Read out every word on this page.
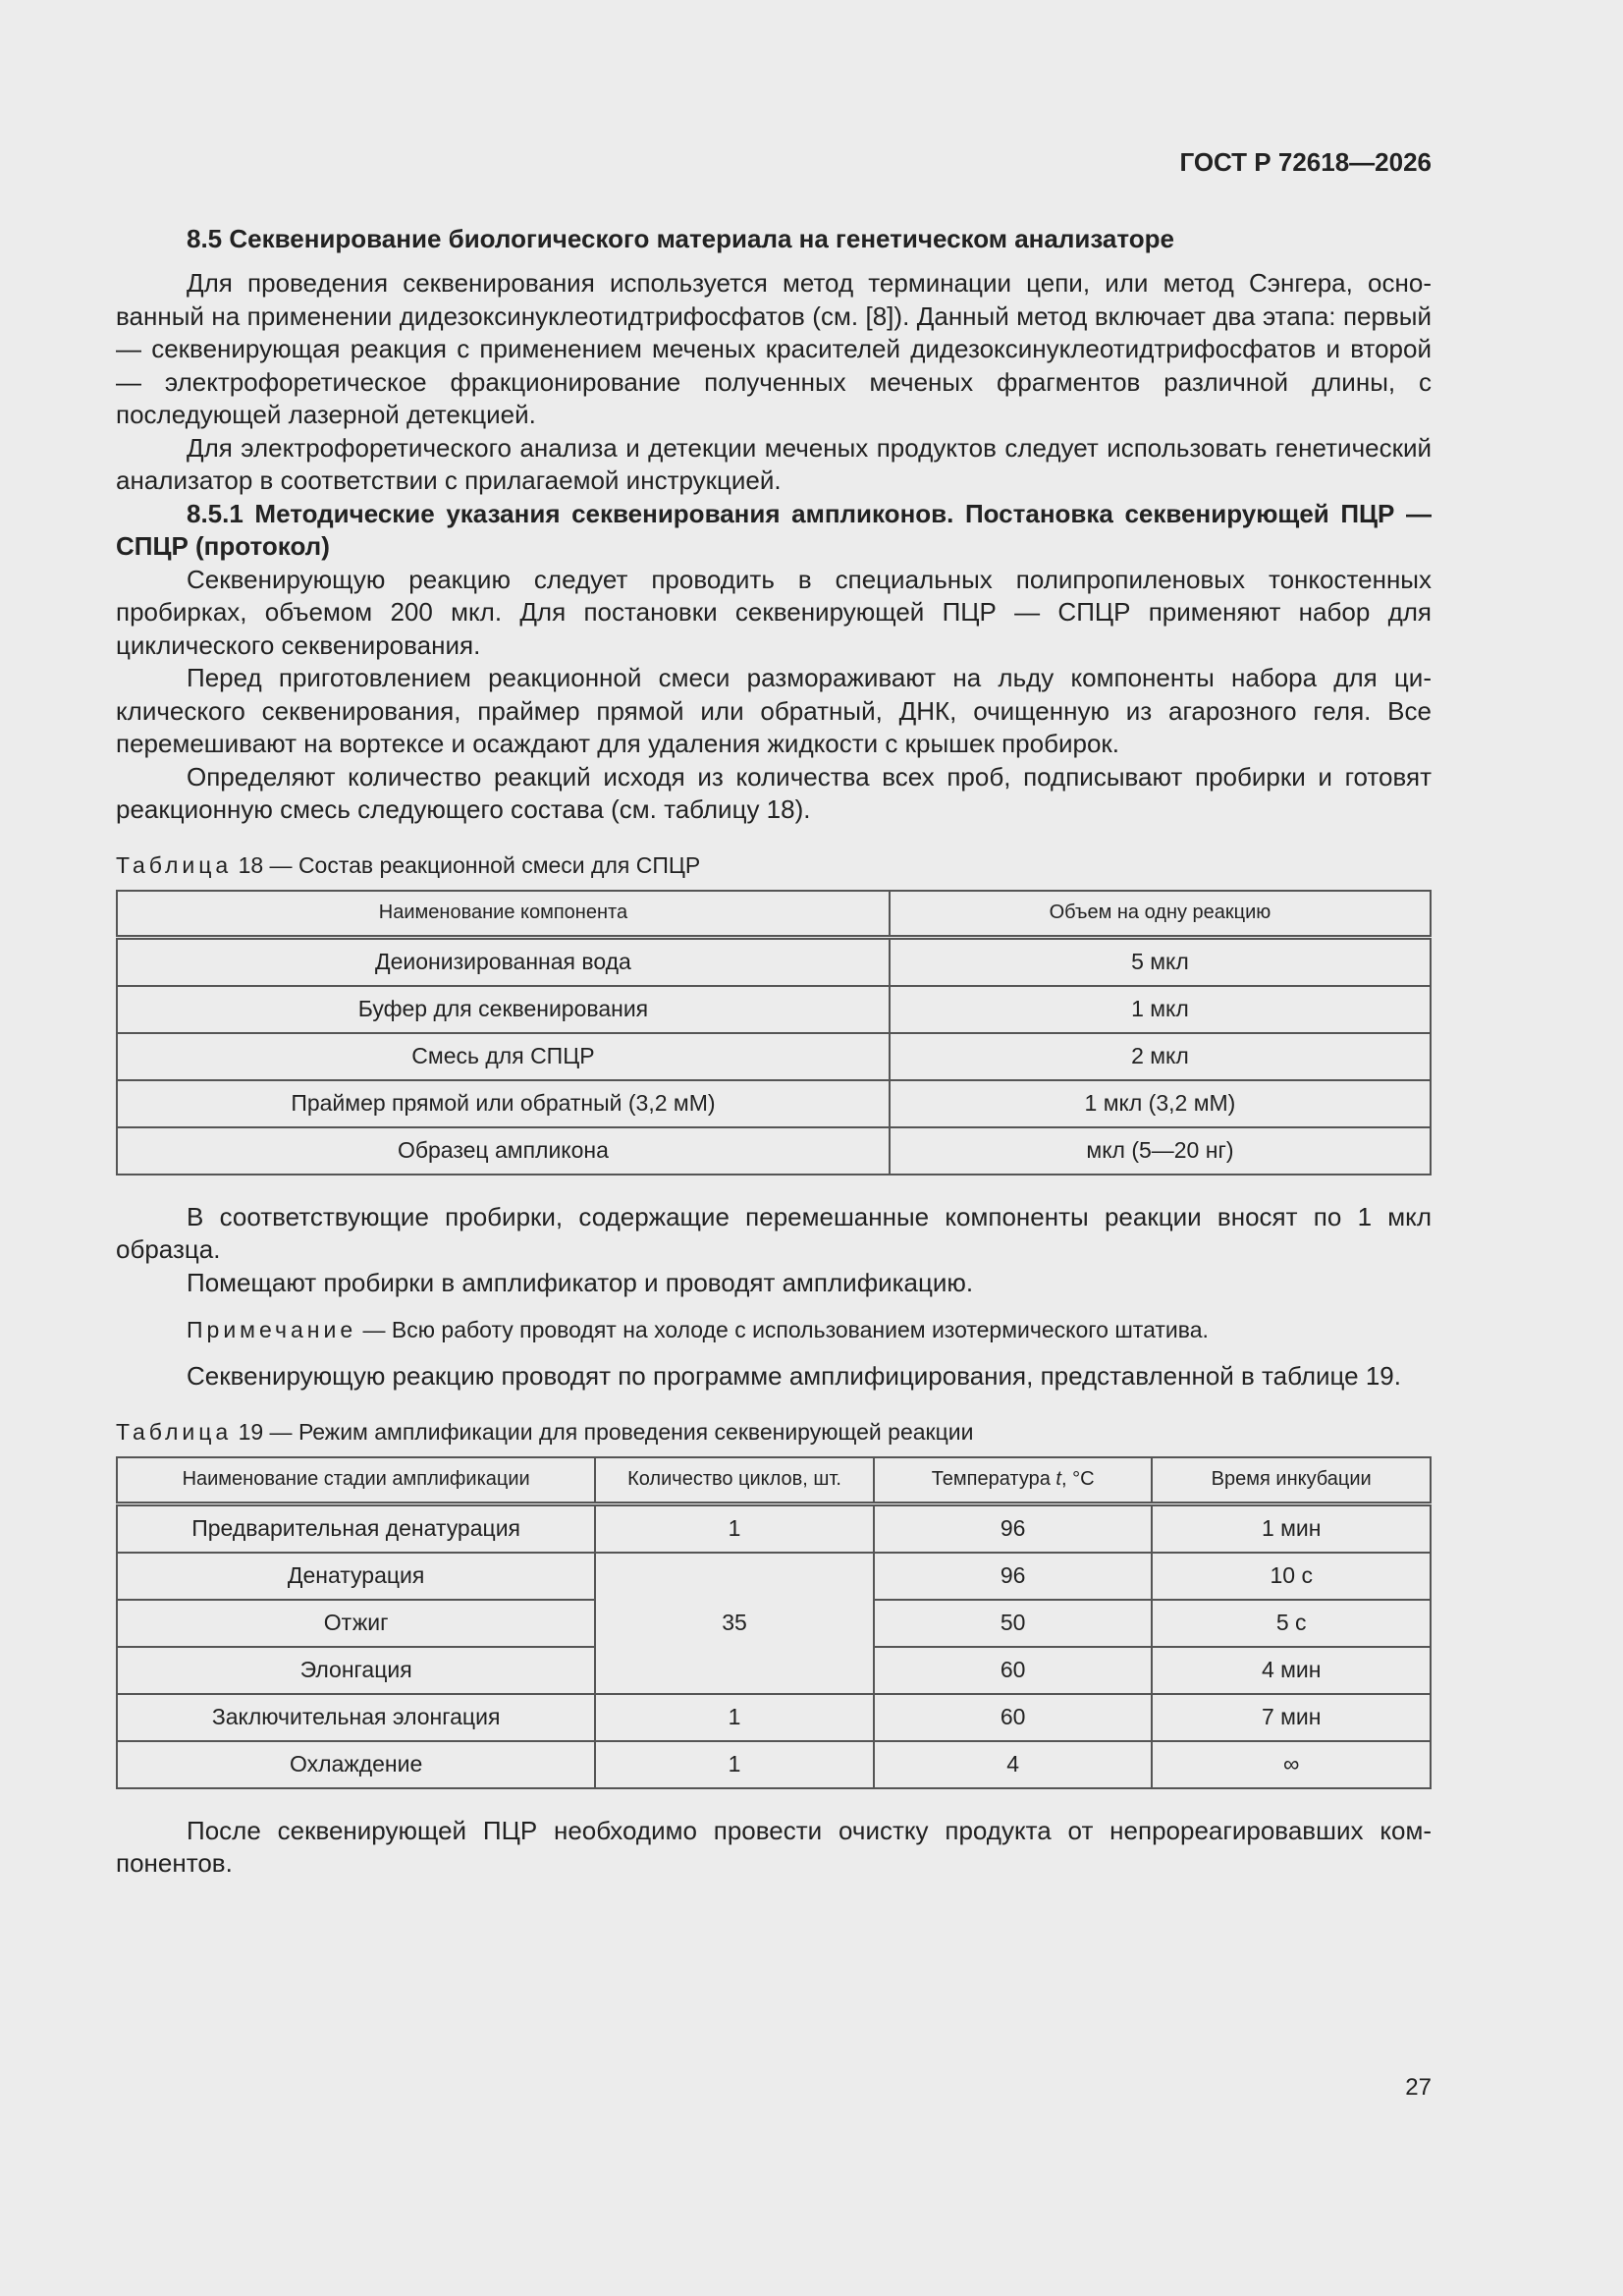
ГОСТ Р 72618—2026
8.5 Секвенирование биологического материала на генетическом анализаторе

Для проведения секвенирования используется метод терминации цепи, или метод Сэнгера, основанный на применении дидезоксинуклеотидтрифосфатов (см. [8]). Данный метод включает два этапа: первый — секвенирующая реакция с применением меченых красителей дидезоксинуклеотидтрифосфатов и второй — электрофоретическое фракционирование полученных меченых фрагментов различной длины, с последующей лазерной детекцией.

Для электрофоретического анализа и детекции меченых продуктов следует использовать генетический анализатор в соответствии с прилагаемой инструкцией.

8.5.1 Методические указания секвенирования ампликонов. Постановка секвенирующей ПЦР — СПЦР (протокол)

Секвенирующую реакцию следует проводить в специальных полипропиленовых тонкостенных пробирках, объемом 200 мкл. Для постановки секвенирующей ПЦР — СПЦР применяют набор для циклического секвенирования.

Перед приготовлением реакционной смеси размораживают на льду компоненты набора для циклического секвенирования, праймер прямой или обратный, ДНК, очищенную из агарозного геля. Все перемешивают на вортексе и осаждают для удаления жидкости с крышек пробирок.

Определяют количество реакций исходя из количества всех проб, подписывают пробирки и готовят реакционную смесь следующего состава (см. таблицу 18).

Таблица 18 — Состав реакционной смеси для СПЦР
Наименование компонента	Объем на одну реакцию
Деионизированная вода	5 мкл
Буфер для секвенирования	1 мкл
Смесь для СПЦР	2 мкл
Праймер прямой или обратный (3,2 мМ)	1 мкл (3,2 мМ)
Образец ампликона	мкл (5—20 нг)

В соответствующие пробирки, содержащие перемешанные компоненты реакции вносят по 1 мкл образца.

Помещают пробирки в амплификатор и проводят амплификацию.

Примечание — Всю работу проводят на холоде с использованием изотермического штатива.

Секвенирующую реакцию проводят по программе амплифицирования, представленной в таблице 19.

Таблица 19 — Режим амплификации для проведения секвенирующей реакции
Наименование стадии амплификации	Количество циклов, шт.	Температура t, °С	Время инкубации
Предварительная денатурация	1	96	1 мин
Денатурация	35	96	10 с
Отжиг		50	5 с
Элонгация		60	4 мин
Заключительная элонгация	1	60	7 мин
Охлаждение	1	4	∞

После секвенирующей ПЦР необходимо провести очистку продукта от непрореагировавших компонентов.

27
